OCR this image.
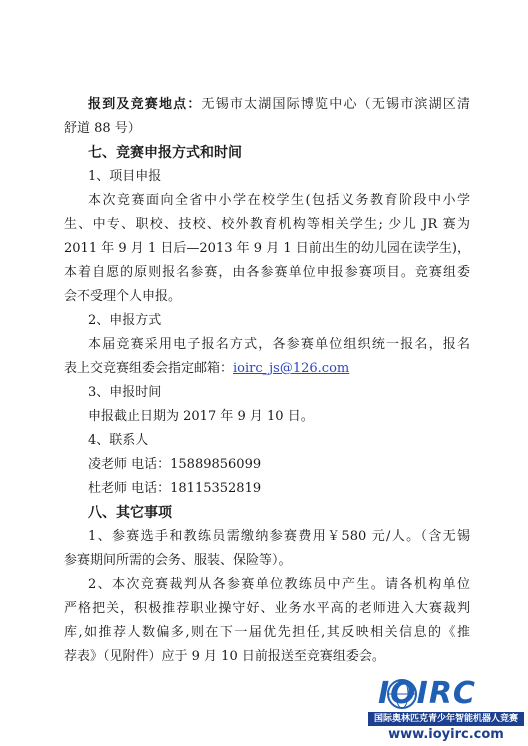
报到及竞赛地点：无锡市太湖国际博览中心（无锡市滨湖区清
舒道 88 号）
七、竞赛申报方式和时间
1、项目申报
本次竞赛面向全省中小学在校学生(包括义务教育阶段中小学
生、中专、职校、技校、校外教育机构等相关学生; 少儿 JR 赛为
2011 年 9 月 1 日后—2013 年 9 月 1 日前出生的幼儿园在读学生)，
本着自愿的原则报名参赛，由各参赛单位申报参赛项目。竞赛组委
会不受理个人申报。
2、申报方式
本届竞赛采用电子报名方式，各参赛单位组织统一报名，报名
表上交竞赛组委会指定邮箱：ioirc_js@126.com
3、申报时间
申报截止日期为 2017 年 9 月 10 日。
4、联系人
凌老师 电话：15889856099
杜老师 电话：18115352819
八、其它事项
1、参赛选手和教练员需缴纳参赛费用￥580 元/人。（含无锡
参赛期间所需的会务、服装、保险等）。
2、本次竞赛裁判从各参赛单位教练员中产生。请各机构单位
严格把关，积极推荐职业操守好、业务水平高的老师进入大赛裁判
库,如推荐人数偏多,则在下一届优先担任,其反映相关信息的《推
荐表》（见附件）应于 9 月 10 日前报送至竞赛组委会。
IOIRC
国际奥林匹克青少年智能机器人竞赛
www.ioyirc.com
